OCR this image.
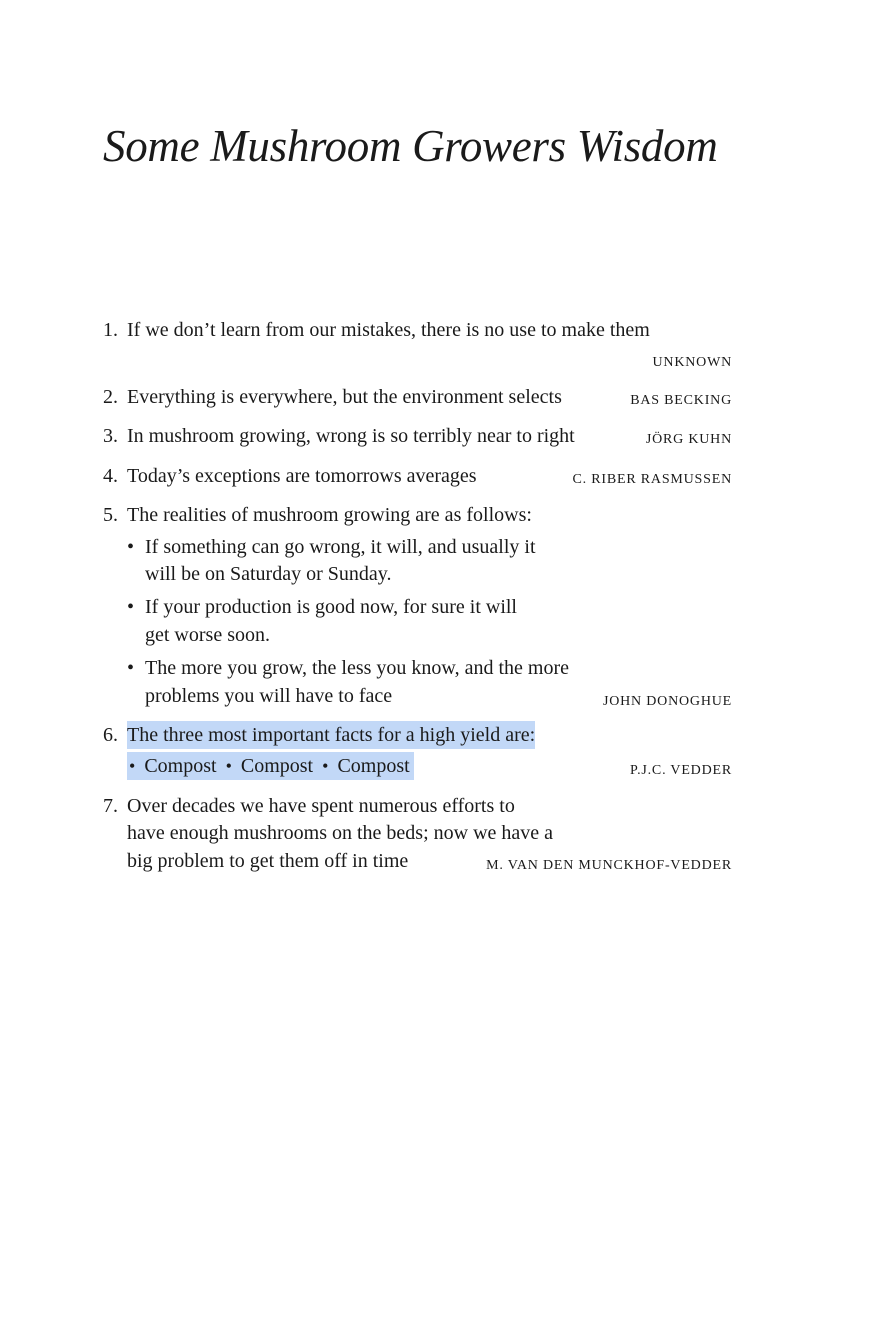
Some Mushroom Growers Wisdom
1. If we don’t learn from our mistakes, there is no use to make them
UNKNOWN
2. Everything is everywhere, but the environment selects	BAS BECKING
3. In mushroom growing, wrong is so terribly near to right	JÖRG KUHN
4. Today’s exceptions are tomorrows averages	C. RIBER RASMUSSEN
5. The realities of mushroom growing are as follows:
• If something can go wrong, it will, and usually it
will be on Saturday or Sunday.
• If your production is good now, for sure it will
get worse soon.
• The more you grow, the less you know, and the more
problems you will have to face	JOHN DONOGHUE
6. The three most important facts for a high yield are:
• Compost • Compost • Compost	P.J.C. VEDDER
7. Over decades we have spent numerous efforts to
have enough mushrooms on the beds; now we have a
big problem to get them off in time	M. VAN DEN MUNCKHOF-VEDDER
